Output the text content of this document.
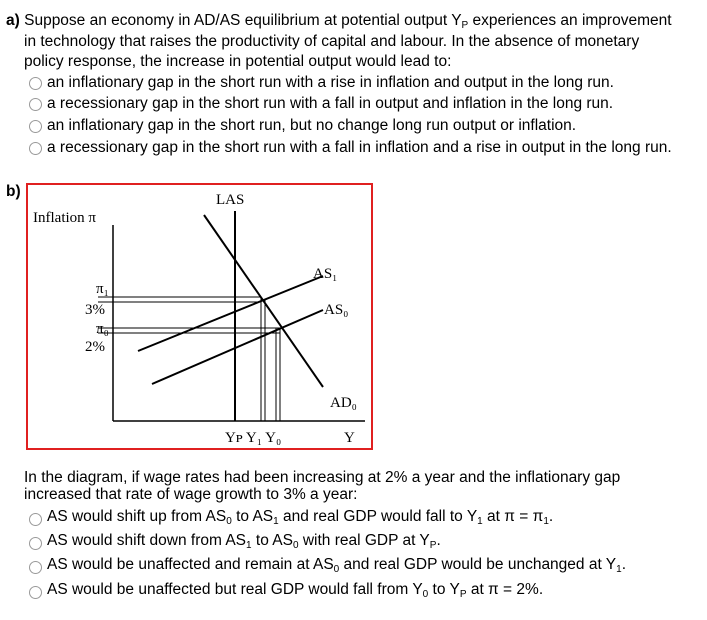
a) Suppose an economy in AD/AS equilibrium at potential output $Y_P$ experiences an improvement
in technology that raises the productivity of capital and labour. In the absence of monetary
policy response, the increase in potential output would lead to:
an inflationary gap in the short run with a rise in inflation and output in the long run.
a recessionary gap in the short run with a fall in output and inflation in the long run.
an inflationary gap in the short run, but no change long run output or inflation.
a recessionary gap in the short run with a fall in inflation and a rise in output in the long run.
b)
Inflation π
LAS
AS₁
AS₀
AD₀
π₁
3%
π₀
2%
Yᴘ Y₁ Y₀	Y
In the diagram, if wage rates had been increasing at 2% a year and the inflationary gap
increased that rate of wage growth to 3% a year:
AS would shift up from $AS_0$ to $AS_1$ and real GDP would fall to $Y_1$ at $\pi = \pi_1$.
AS would shift down from $AS_1$ to $AS_0$ with real GDP at $Y_P$.
AS would be unaffected and remain at $AS_0$ and real GDP would be unchanged at $Y_1$.
AS would be unaffected but real GDP would fall from $Y_0$ to $Y_P$ at π = 2%.
